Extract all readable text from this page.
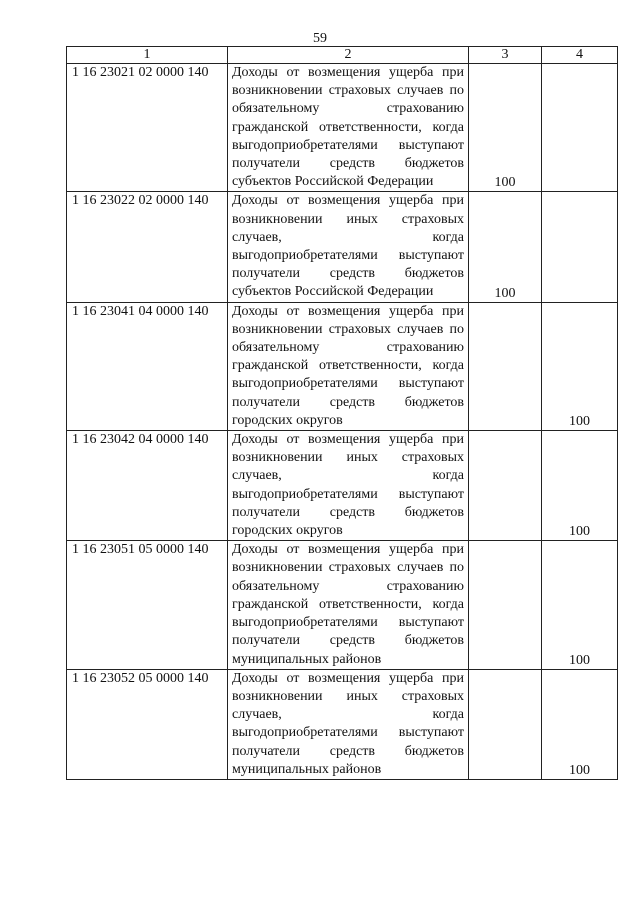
59
1	2	3	4
1 16 23021 02 0000 140	Доходы от возмещения ущерба при возникновении страховых случаев по обязательному страхованию гражданской ответственности, когда выгодоприобретателями выступают получатели средств бюджетов субъектов Российской Федерации	100	

1 16 23022 02 0000 140	Доходы от возмещения ущерба при возникновении иных страховых случаев, когда выгодоприобретателями выступают получатели средств бюджетов субъектов Российской Федерации	100	

1 16 23041 04 0000 140	Доходы от возмещения ущерба при возникновении страховых случаев по обязательному страхованию гражданской ответственности, когда выгодоприобретателями выступают получатели средств бюджетов городских округов		100

1 16 23042 04 0000 140	Доходы от возмещения ущерба при возникновении иных страховых случаев, когда выгодоприобретателями выступают получатели средств бюджетов городских округов		100

1 16 23051 05 0000 140	Доходы от возмещения ущерба при возникновении страховых случаев по обязательному страхованию гражданской ответственности, когда выгодоприобретателями выступают получатели средств бюджетов муниципальных районов		100

1 16 23052 05 0000 140	Доходы от возмещения ущерба при возникновении иных страховых случаев, когда выгодоприобретателями выступают получатели средств бюджетов муниципальных районов		100
